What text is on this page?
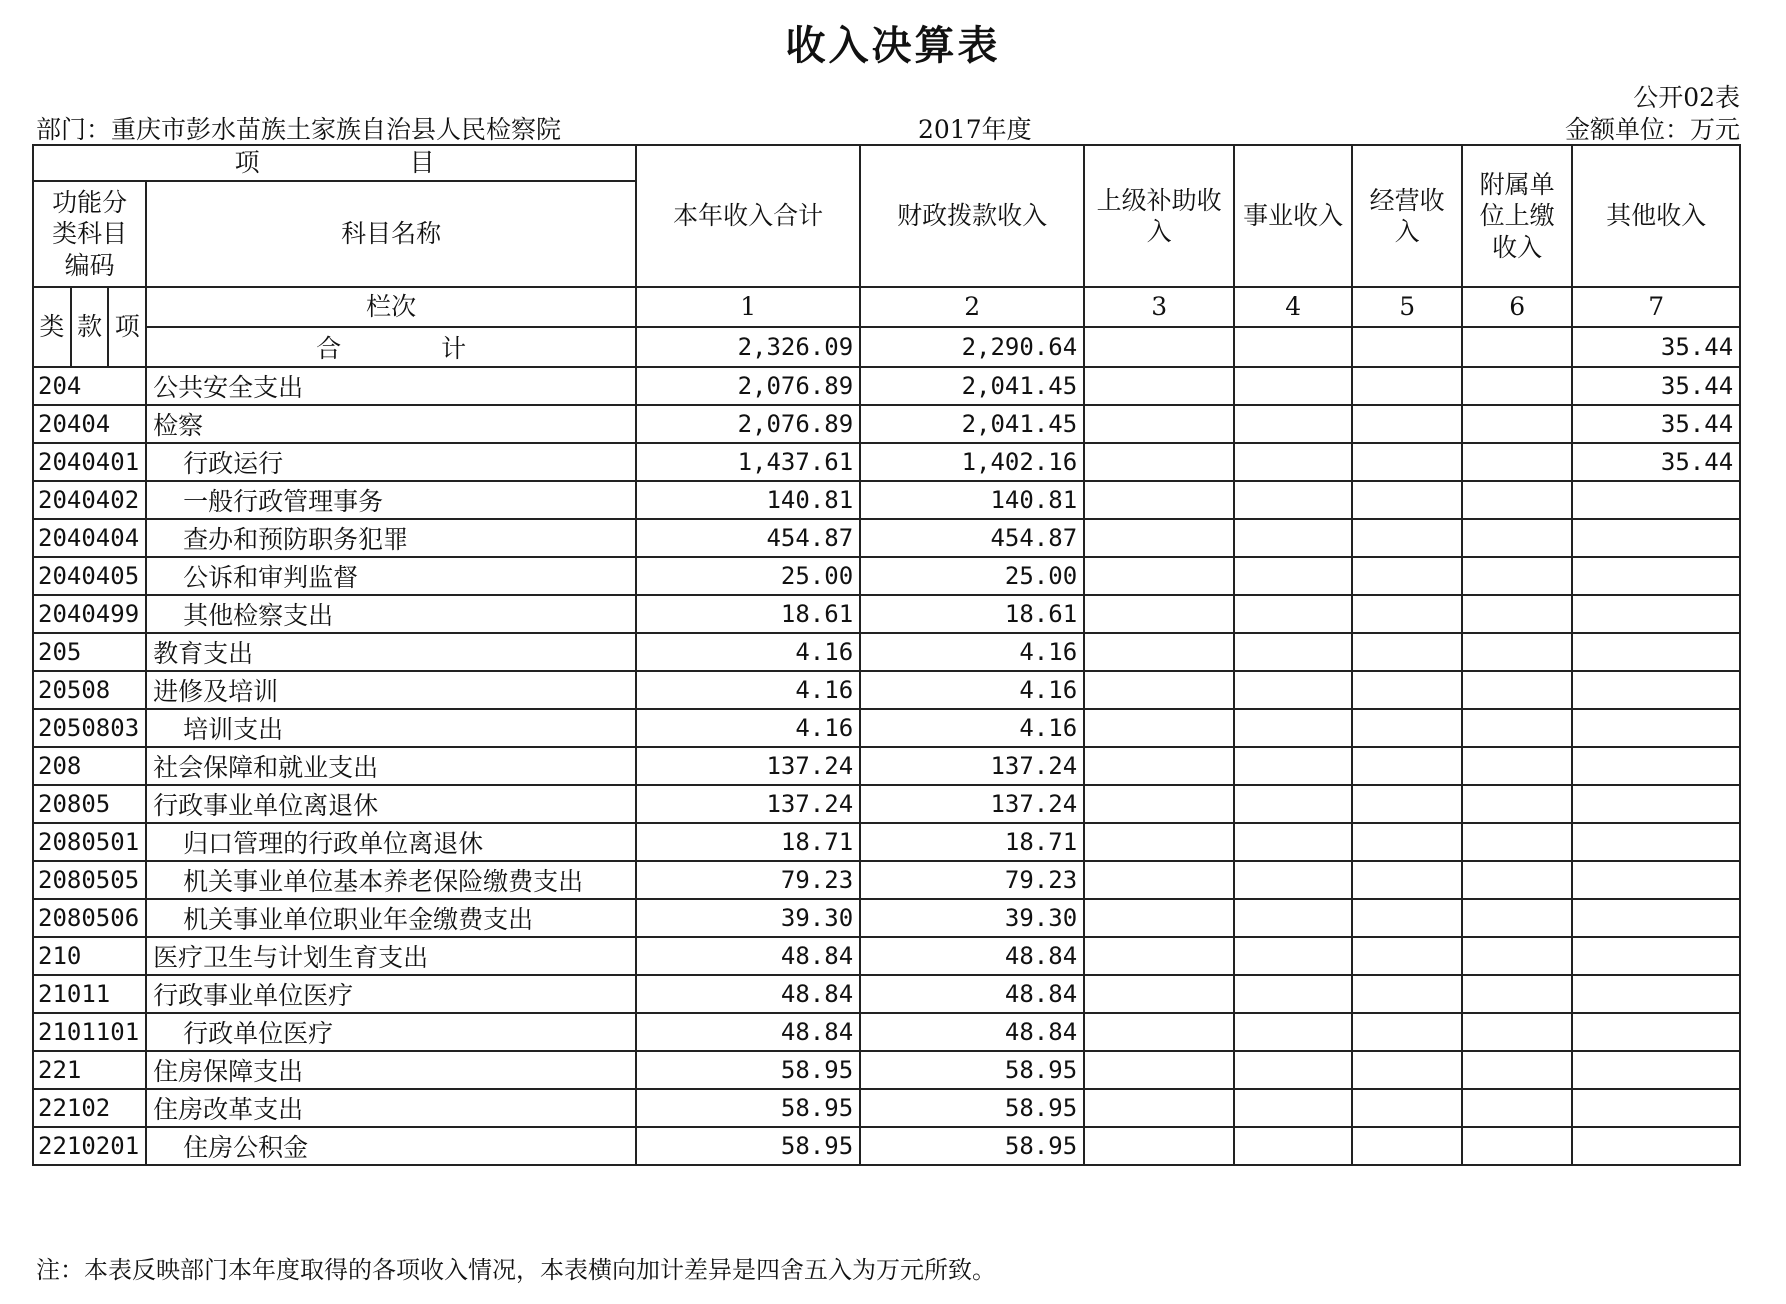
收入决算表
公开02表
部门：重庆市彭水苗族土家族自治县人民检察院	2017年度	金额单位：万元
项　　　　　　目				本年收入合计	财政拨款收入	上级补助收入	事业收入	经营收入	附属单位上缴收入	其他收入
功能分类科目编码			科目名称							
类	款	项	栏次	1	2	3	4	5	6	7
			合　　　　计	2,326.09	2,290.64					35.44
204			公共安全支出	2,076.89	2,041.45					35.44
20404			检察	2,076.89	2,041.45					35.44
2040401			行政运行	1,437.61	1,402.16					35.44
2040402			一般行政管理事务	140.81	140.81					
2040404			查办和预防职务犯罪	454.87	454.87					
2040405			公诉和审判监督	25.00	25.00					
2040499			其他检察支出	18.61	18.61					
205			教育支出	4.16	4.16					
20508			进修及培训	4.16	4.16					
2050803			培训支出	4.16	4.16					
208			社会保障和就业支出	137.24	137.24					
20805			行政事业单位离退休	137.24	137.24					
2080501			归口管理的行政单位离退休	18.71	18.71					
2080505			机关事业单位基本养老保险缴费支出	79.23	79.23					
2080506			机关事业单位职业年金缴费支出	39.30	39.30					
210			医疗卫生与计划生育支出	48.84	48.84					
21011			行政事业单位医疗	48.84	48.84					
2101101			行政单位医疗	48.84	48.84					
221			住房保障支出	58.95	58.95					
22102			住房改革支出	58.95	58.95					
2210201			住房公积金	58.95	58.95					
注：本表反映部门本年度取得的各项收入情况，本表横向加计差异是四舍五入为万元所致。
